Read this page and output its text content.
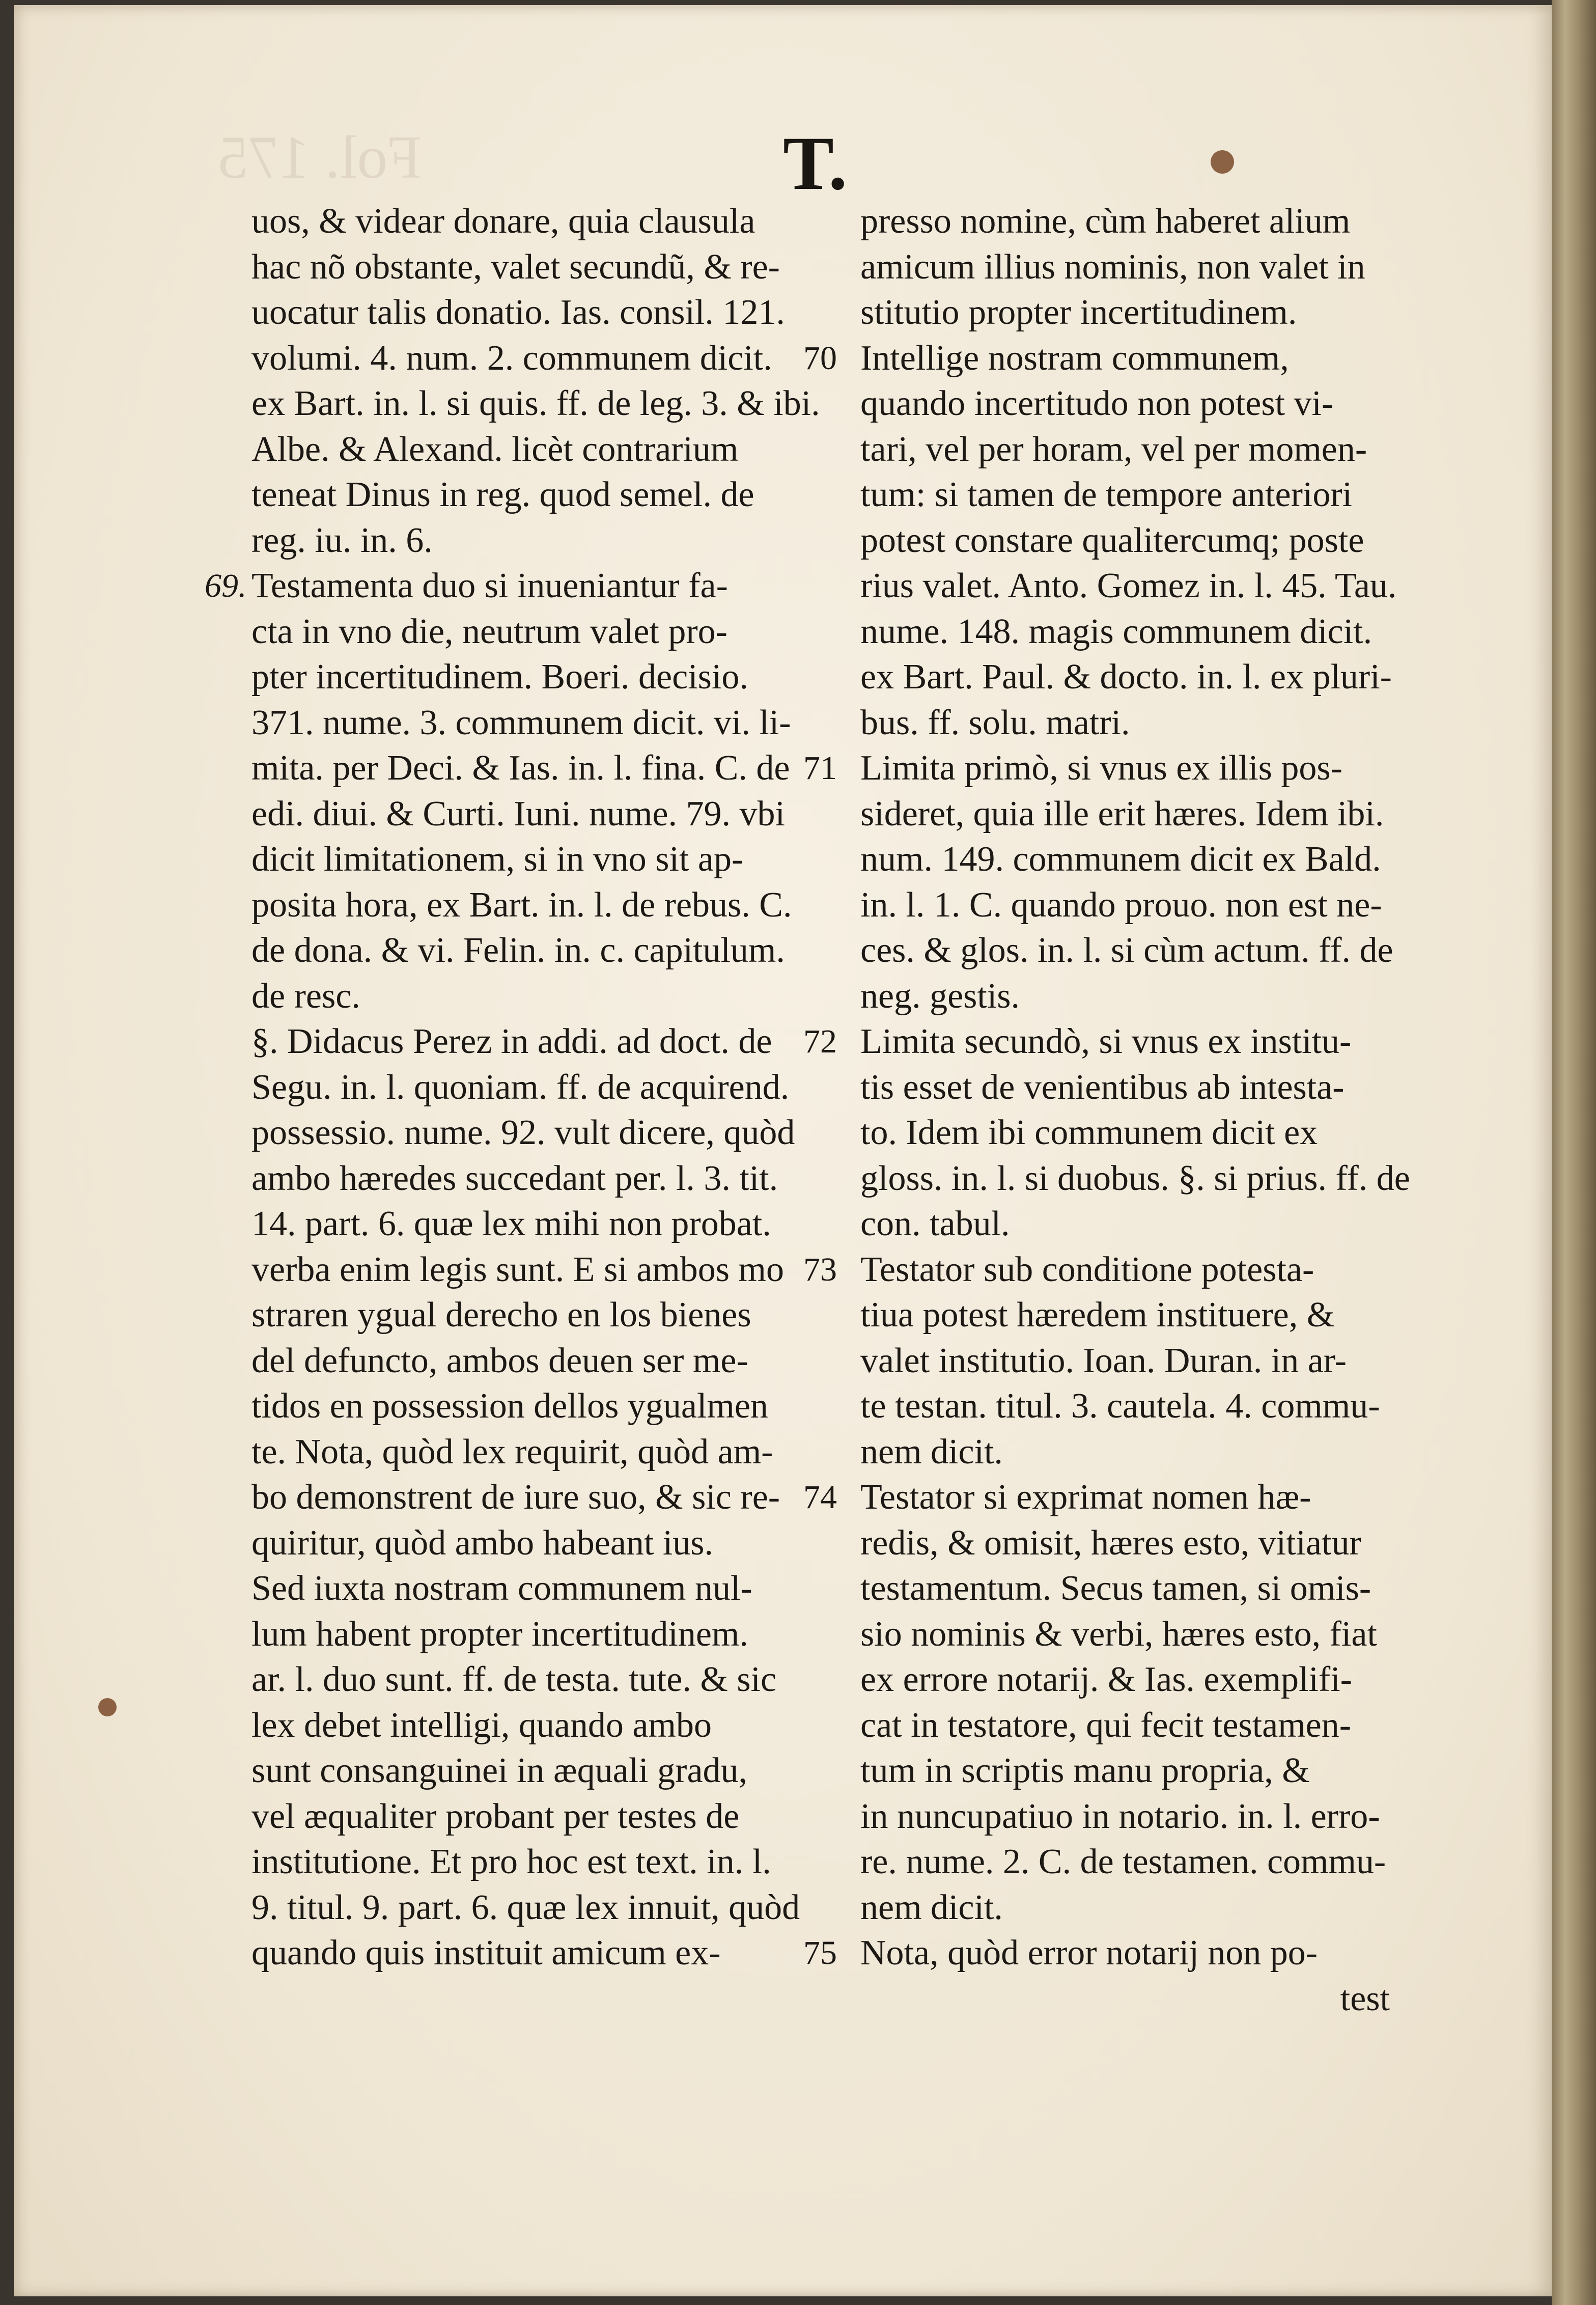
Fol. 175	T.
uos, & videar donare, quia clausula
hac nõ obstante, valet secundũ, & re-
uocatur talis donatio. Ias. consil. 121.
volumi. 4. num. 2. communem dicit.
ex Bart. in. l. si quis. ff. de leg. 3. & ibi.
Albe. & Alexand. licèt contrarium
teneat Dinus in reg. quod semel. de
reg. iu. in. 6.
69. Testamenta duo si inueniantur fa-
cta in vno die, neutrum valet pro-
pter incertitudinem. Boeri. decisio.
371. nume. 3. communem dicit. vi. li-
mita. per Deci. & Ias. in. l. fina. C. de
edi. diui. & Curti. Iuni. nume. 79. vbi
dicit limitationem, si in vno sit ap-
posita hora, ex Bart. in. l. de rebus. C.
de dona. & vi. Felin. in. c. capitulum.
de resc.
§. Didacus Perez in addi. ad doct. de
Segu. in. l. quoniam. ff. de acquirend.
possessio. nume. 92. vult dicere, quòd
ambo hæredes succedant per. l. 3. tit.
14. part. 6. quæ lex mihi non probat.
verba enim legis sunt. E si ambos mo
straren ygual derecho en los bienes
del defuncto, ambos deuen ser me-
tidos en possession dellos ygualmen
te. Nota, quòd lex requirit, quòd am-
bo demonstrent de iure suo, & sic re-
quiritur, quòd ambo habeant ius.
Sed iuxta nostram communem nul-
lum habent propter incertitudinem.
ar. l. duo sunt. ff. de testa. tute. & sic
lex debet intelligi, quando ambo
sunt consanguinei in æquali gradu,
vel æqualiter probant per testes de
institutione. Et pro hoc est text. in. l.
9. titul. 9. part. 6. quæ lex innuit, quòd
quando quis instituit amicum ex-
presso nomine, cùm haberet alium
amicum illius nominis, non valet in
stitutio propter incertitudinem.
70 Intellige nostram communem,
quando incertitudo non potest vi-
tari, vel per horam, vel per momen-
tum: si tamen de tempore anteriori
potest constare qualitercumq; poste
rius valet. Anto. Gomez in. l. 45. Tau.
nume. 148. magis communem dicit.
ex Bart. Paul. & docto. in. l. ex pluri-
bus. ff. solu. matri.
71 Limita primò, si vnus ex illis pos-
sideret, quia ille erit hæres. Idem ibi.
num. 149. communem dicit ex Bald.
in. l. 1. C. quando prouo. non est ne-
ces. & glos. in. l. si cùm actum. ff. de
neg. gestis.
72 Limita secundò, si vnus ex institu-
tis esset de venientibus ab intesta-
to. Idem ibi communem dicit ex
gloss. in. l. si duobus. §. si prius. ff. de
con. tabul.
73 Testator sub conditione potesta-
tiua potest hæredem instituere, &
valet institutio. Ioan. Duran. in ar-
te testan. titul. 3. cautela. 4. commu-
nem dicit.
74 Testator si exprimat nomen hæ-
redis, & omisit, hæres esto, vitiatur
testamentum. Secus tamen, si omis-
sio nominis & verbi, hæres esto, fiat
ex errore notarij. & Ias. exemplifi-
cat in testatore, qui fecit testamen-
tum in scriptis manu propria, &
in nuncupatiuo in notario. in. l. erro-
re. nume. 2. C. de testamen. commu-
nem dicit.
75 Nota, quòd error notarij non po-
test
